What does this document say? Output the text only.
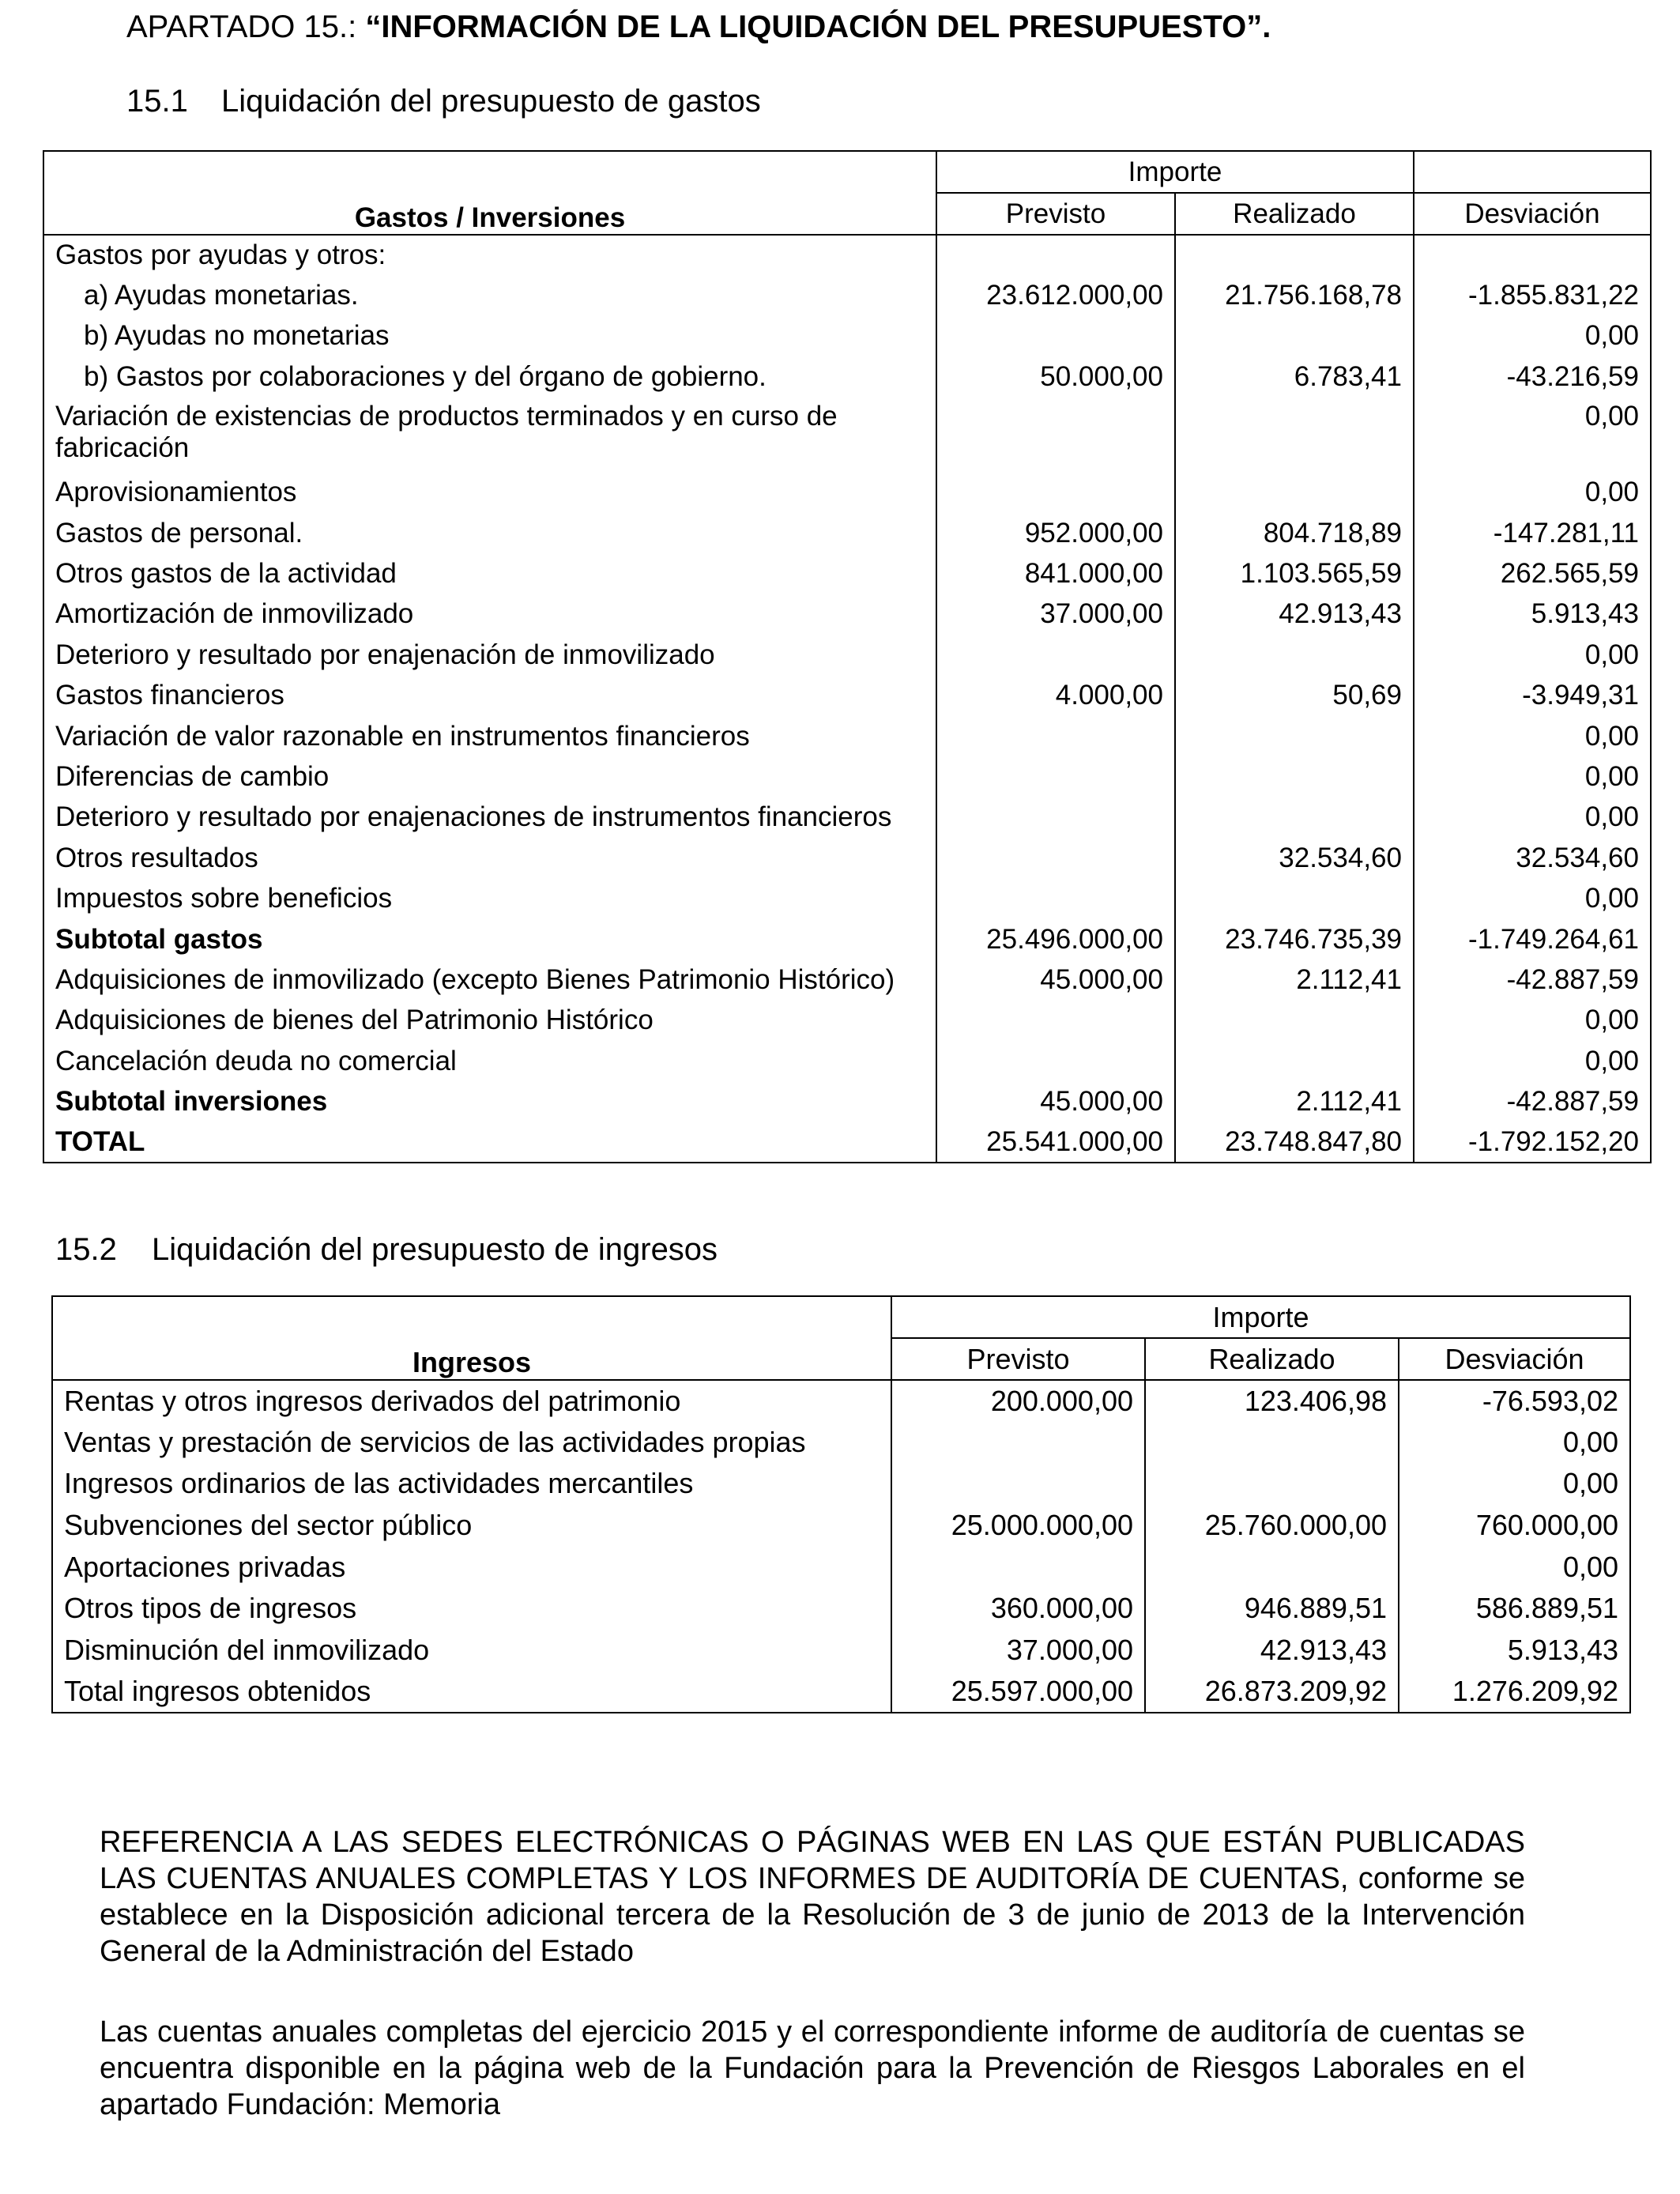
APARTADO 15.: “INFORMACIÓN DE LA LIQUIDACIÓN DEL PRESUPUESTO”.
15.1 Liquidación del presupuesto de gastos
Gastos / Inversiones	Importe		
	Previsto	Realizado	Desviación
Gastos por ayudas y otros:			
a) Ayudas monetarias.	23.612.000,00	21.756.168,78	-1.855.831,22
b) Ayudas no monetarias			0,00
b) Gastos por colaboraciones y del órgano de gobierno.	50.000,00	6.783,41	-43.216,59
Variación de existencias de productos terminados y en curso de fabricación			0,00
Aprovisionamientos			0,00
Gastos de personal.	952.000,00	804.718,89	-147.281,11
Otros gastos de la actividad	841.000,00	1.103.565,59	262.565,59
Amortización de inmovilizado	37.000,00	42.913,43	5.913,43
Deterioro y resultado por enajenación de inmovilizado			0,00
Gastos financieros	4.000,00	50,69	-3.949,31
Variación de valor razonable en instrumentos financieros			0,00
Diferencias de cambio			0,00
Deterioro y resultado por enajenaciones de instrumentos financieros			0,00
Otros resultados		32.534,60	32.534,60
Impuestos sobre beneficios			0,00
Subtotal gastos	25.496.000,00	23.746.735,39	-1.749.264,61
Adquisiciones de inmovilizado (excepto Bienes Patrimonio Histórico)	45.000,00	2.112,41	-42.887,59
Adquisiciones de bienes del Patrimonio Histórico			0,00
Cancelación deuda no comercial			0,00
Subtotal inversiones	45.000,00	2.112,41	-42.887,59
TOTAL	25.541.000,00	23.748.847,80	-1.792.152,20
15.2 Liquidación del presupuesto de ingresos
Ingresos	Importe		
	Previsto	Realizado	Desviación
Rentas y otros ingresos derivados del patrimonio	200.000,00	123.406,98	-76.593,02
Ventas y prestación de servicios de las actividades propias			0,00
Ingresos ordinarios de las actividades mercantiles			0,00
Subvenciones del sector público	25.000.000,00	25.760.000,00	760.000,00
Aportaciones privadas			0,00
Otros tipos de ingresos	360.000,00	946.889,51	586.889,51
Disminución del inmovilizado	37.000,00	42.913,43	5.913,43
Total ingresos obtenidos	25.597.000,00	26.873.209,92	1.276.209,92

REFERENCIA A LAS SEDES ELECTRÓNICAS O PÁGINAS WEB EN LAS QUE ESTÁN PUBLICADAS LAS CUENTAS ANUALES COMPLETAS Y LOS INFORMES DE AUDITORÍA DE CUENTAS, conforme se establece en la Disposición adicional tercera de la Resolución de 3 de junio de 2013 de la Intervención General de la Administración del Estado

Las cuentas anuales completas del ejercicio 2015 y el correspondiente informe de auditoría de cuentas se encuentra disponible en la página web de la Fundación para la Prevención de Riesgos Laborales en el apartado Fundación: Memoria
